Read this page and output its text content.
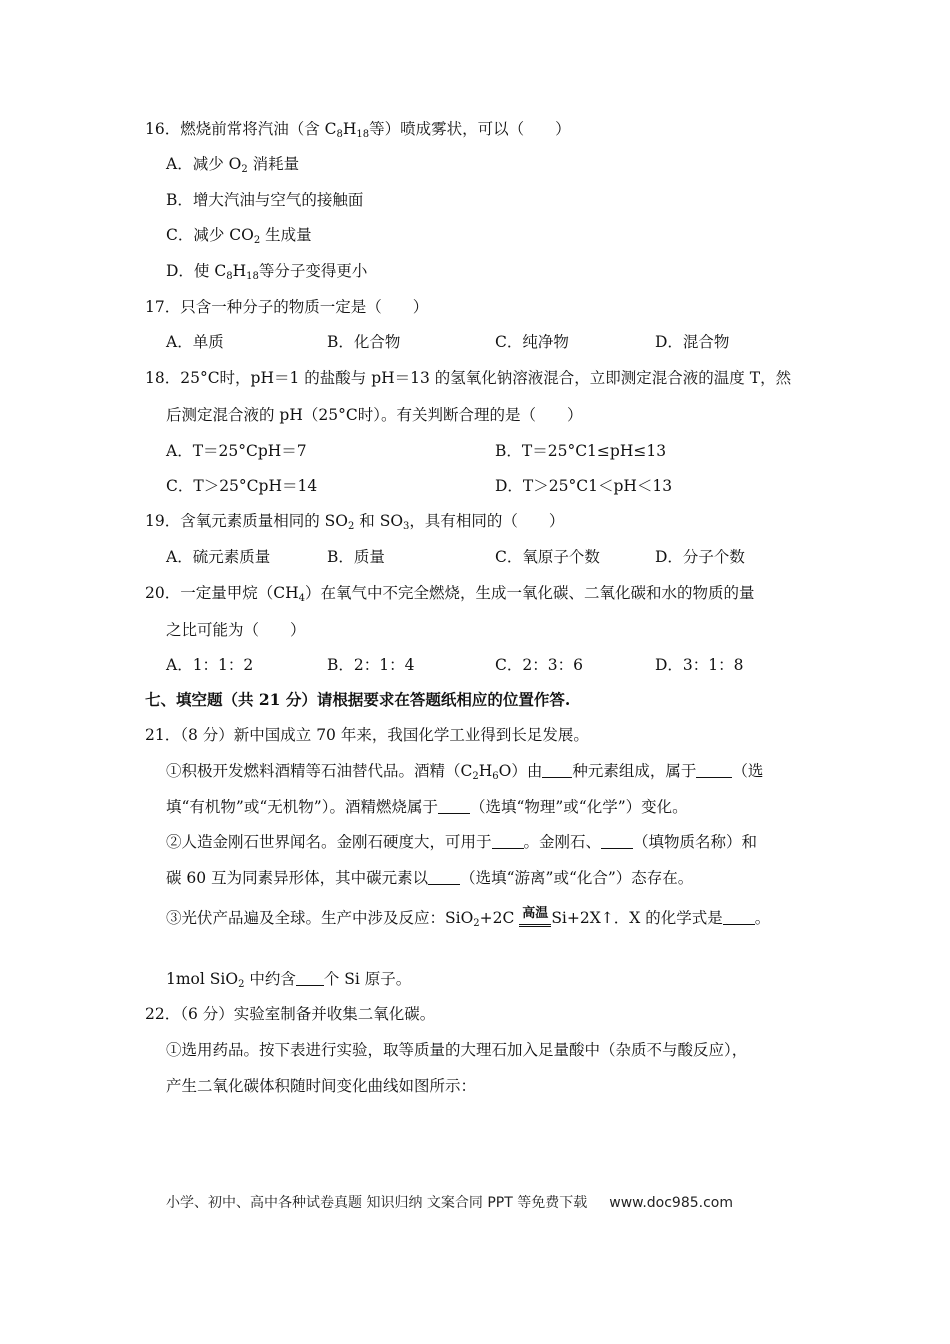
16．燃烧前常将汽油（含 $C_8H_{18}$等）喷成雾状，可以（　　）
A．减少 $O_2$ 消耗量
B．增大汽油与空气的接触面
C．减少 $CO_2$ 生成量
D．使 $C_8H_{18}$等分子变得更小
17．只含一种分子的物质一定是（　　）
A．单质	B．化合物	C．纯净物	D．混合物
18．25°C时，pH＝1 的盐酸与 pH＝13 的氢氧化钠溶液混合，立即测定混合液的温度 T，然
后测定混合液的 pH（25°C时）。有关判断合理的是（　　）
A．T＝25°CpH＝7	B．T＝25°C1≤pH≤13
C．T＞25°CpH＝14	D．T＞25°C1＜pH＜13
19．含氧元素质量相同的 $SO_2$ 和 $SO_3$，具有相同的（　　）
A．硫元素质量	B．质量	C．氧原子个数	D．分子个数
20．一定量甲烷$(CH_4)$在氧气中不完全燃烧，生成一氧化碳、二氧化碳和水的物质的量
之比可能为（　　）
A．1：1：2	B．2：1：4	C．2：3：6	D．3：1：8
七、填空题（共 21 分）请根据要求在答题纸相应的位置作答.
21．（8 分）新中国成立 70 年来，我国化学工业得到长足发展。
①积极开发燃料酒精等石油替代品。酒精$(C_2H_6O)$由 种元素组成，属于 （选
填“有机物”或“无机物”）。酒精燃烧属于 （选填“物理”或“化学”）变化。
②人造金刚石世界闻名。金刚石硬度大，可用于 。金刚石、 （填物质名称）和
碳 60 互为同素异形体，其中碳元素以 （选填“游离”或“化合”）态存在。
③光伏产品遍及全球。生产中涉及反应：SiO$_2$+2C 高温 Si+2X↑．X 的化学式是 。
1mol SiO$_2$ 中约含 个 Si 原子。
22．（6 分）实验室制备并收集二氧化碳。
①选用药品。按下表进行实验，取等质量的大理石加入足量酸中（杂质不与酸反应），
产生二氧化碳体积随时间变化曲线如图所示：
小学、初中、高中各种试卷真题 知识归纳 文案合同 PPT 等免费下载 www.doc985.com
